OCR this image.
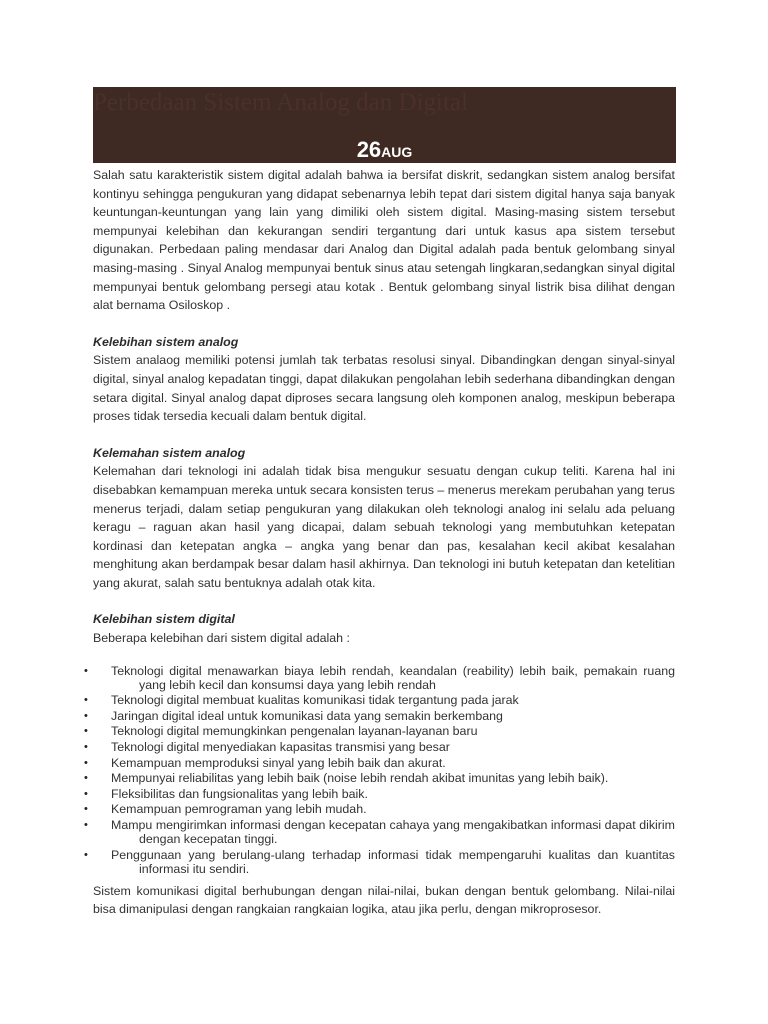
Perbedaan Sistem Analog dan Digital
26AUG

Salah satu karakteristik sistem digital adalah bahwa ia bersifat diskrit, sedangkan sistem analog bersifat kontinyu sehingga pengukuran yang didapat sebenarnya lebih tepat dari sistem digital hanya saja banyak keuntungan-keuntungan yang lain yang dimiliki oleh sistem digital. Masing-masing sistem tersebut mempunyai kelebihan dan kekurangan sendiri tergantung dari untuk kasus apa sistem tersebut digunakan. Perbedaan paling mendasar dari Analog dan Digital adalah pada bentuk gelombang sinyal masing-masing . Sinyal Analog mempunyai bentuk sinus atau setengah lingkaran,sedangkan sinyal digital mempunyai bentuk gelombang persegi atau kotak . Bentuk gelombang sinyal listrik bisa dilihat dengan alat bernama Osiloskop .

Kelebihan sistem analog

Sistem analaog memiliki potensi jumlah tak terbatas resolusi sinyal. Dibandingkan dengan sinyal-sinyal digital, sinyal analog kepadatan tinggi, dapat dilakukan pengolahan lebih sederhana dibandingkan dengan setara digital. Sinyal analog dapat diproses secara langsung oleh komponen analog, meskipun beberapa proses tidak tersedia kecuali dalam bentuk digital.

Kelemahan sistem analog

Kelemahan dari teknologi ini adalah tidak bisa mengukur sesuatu dengan cukup teliti. Karena hal ini disebabkan kemampuan mereka untuk secara konsisten terus – menerus merekam perubahan yang terus menerus terjadi, dalam setiap pengukuran yang dilakukan oleh teknologi analog ini selalu ada peluang keragu – raguan akan hasil yang dicapai, dalam sebuah teknologi yang membutuhkan ketepatan kordinasi dan ketepatan angka – angka yang benar dan pas, kesalahan kecil akibat kesalahan menghitung akan berdampak besar dalam hasil akhirnya. Dan teknologi ini butuh ketepatan dan ketelitian yang akurat, salah satu bentuknya adalah otak kita.

Kelebihan sistem digital

Beberapa kelebihan dari sistem digital adalah :

• Teknologi digital menawarkan biaya lebih rendah, keandalan (reability) lebih baik, pemakain ruang yang lebih kecil dan konsumsi daya yang lebih rendah
• Teknologi digital membuat kualitas komunikasi tidak tergantung pada jarak
• Jaringan digital ideal untuk komunikasi data yang semakin berkembang
• Teknologi digital memungkinkan pengenalan layanan-layanan baru
• Teknologi digital menyediakan kapasitas transmisi yang besar
• Kemampuan memproduksi sinyal yang lebih baik dan akurat.
• Mempunyai reliabilitas yang lebih baik (noise lebih rendah akibat imunitas yang lebih baik).
• Fleksibilitas dan fungsionalitas yang lebih baik.
• Kemampuan pemrograman yang lebih mudah.
• Mampu mengirimkan informasi dengan kecepatan cahaya yang mengakibatkan informasi dapat dikirim dengan kecepatan tinggi.
• Penggunaan yang berulang-ulang terhadap informasi tidak mempengaruhi kualitas dan kuantitas informasi itu sendiri.

Sistem komunikasi digital berhubungan dengan nilai-nilai, bukan dengan bentuk gelombang. Nilai-nilai bisa dimanipulasi dengan rangkaian rangkaian logika, atau jika perlu, dengan mikroprosesor.
